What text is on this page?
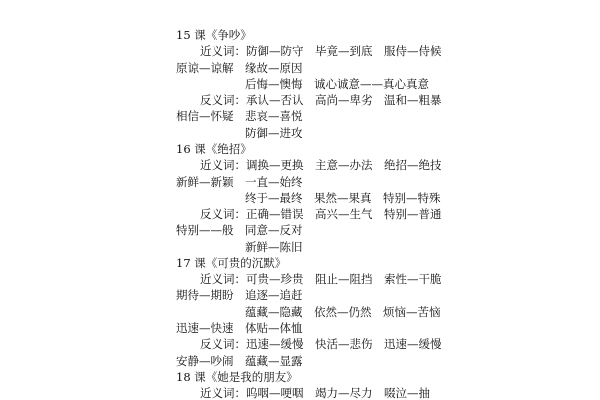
15 课《争吵》
近义词：防御—防守　毕竟—到底　服侍—侍候
原谅—谅解　缘故—原因
后悔—懊悔　诚心诚意——真心真意
反义词：承认—否认　高尚—卑劣　温和—粗暴
相信—怀疑　悲哀—喜悦
防御—进攻
16 课《绝招》
近义词：调换—更换　主意—办法　绝招—绝技
新鲜—新颖　一直—始终
终于—最终　果然—果真　特别—特殊
反义词：正确—错误　高兴—生气　特别—普通
特别——般　同意—反对
新鲜—陈旧
17 课《可贵的沉默》
近义词：可贵—珍贵　阻止—阻挡　索性—干脆
期待—期盼　追逐—追赶
蕴藏—隐藏　依然—仍然　烦恼—苦恼
迅速—快速　体贴—体恤
反义词：迅速—缓慢　快活—悲伤　迅速—缓慢
安静—吵闹　蕴藏—显露
18 课《她是我的朋友》
近义词：呜咽—哽咽　竭力—尽力　啜泣—抽
